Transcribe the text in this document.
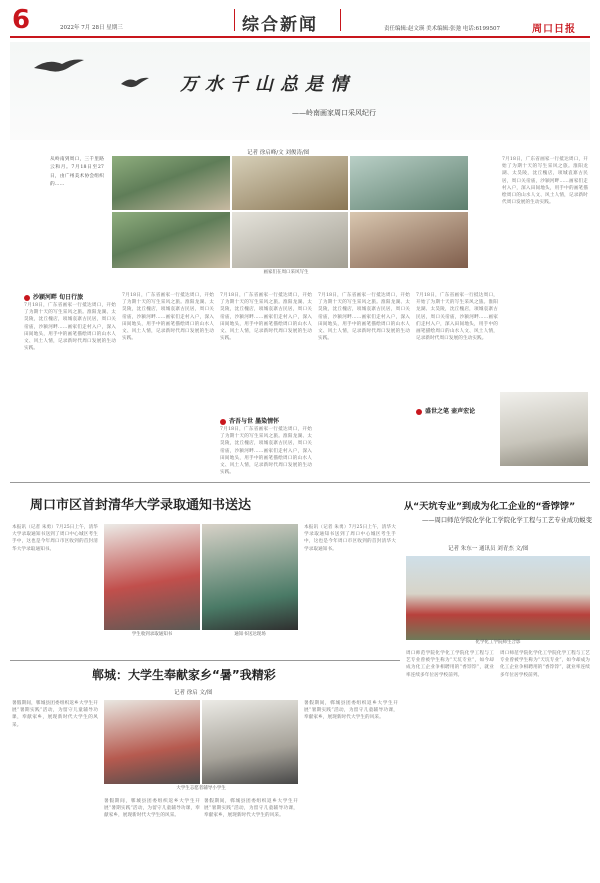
6	2022年 7月 28日 星期三	综合新闻	责任编辑:赵文瑛 美术编辑:张弛 电话:6199507	周口日报
万水千山总是情
——岭南画家周口采风纪行
记者 徐启峰/文 刘俊涛/图
从岭南到周口，三千里路云和月。7月18日至27日，由广州美术协会组织的……
画家们在周口采风写生
沙颍河畔 旬日行旅
7月18日，广东省画家一行抵达周口，开始了为期十天的写生采风之旅。淮阳龙湖、太昊陵，沈丘槐店，项城袁寨古民居，周口关帝庙，沙颍河畔……画家们走村入户，深入田间地头，用手中的画笔描绘周口的山水人文、风土人情，记录新时代周口发展的生动实践。
7月18日，广东省画家一行抵达周口，开始了为期十天的写生采风之旅。淮阳龙湖、太昊陵，沈丘槐店，项城袁寨古民居，周口关帝庙，沙颍河畔……画家们走村入户，深入田间地头，用手中的画笔描绘周口的山水人文、风土人情，记录新时代周口发展的生动实践。
7月18日，广东省画家一行抵达周口，开始了为期十天的写生采风之旅。淮阳龙湖、太昊陵，沈丘槐店，项城袁寨古民居，周口关帝庙，沙颍河畔……画家们走村入户，深入田间地头，用手中的画笔描绘周口的山水人文、风土人情，记录新时代周口发展的生动实践。
杏吾与世 墨染情怀
7月18日，广东省画家一行抵达周口，开始了为期十天的写生采风之旅。淮阳龙湖、太昊陵，沈丘槐店，项城袁寨古民居，周口关帝庙，沙颍河畔……画家们走村入户，深入田间地头，用手中的画笔描绘周口的山水人文、风土人情，记录新时代周口发展的生动实践。
7月18日，广东省画家一行抵达周口，开始了为期十天的写生采风之旅。淮阳龙湖、太昊陵，沈丘槐店，项城袁寨古民居，周口关帝庙，沙颍河畔……画家们走村入户，深入田间地头，用手中的画笔描绘周口的山水人文、风土人情，记录新时代周口发展的生动实践。
7月18日，广东省画家一行抵达周口，开始了为期十天的写生采风之旅。淮阳龙湖、太昊陵，沈丘槐店，项城袁寨古民居，周口关帝庙，沙颍河畔……画家们走村入户，深入田间地头，用手中的画笔描绘周口的山水人文、风土人情，记录新时代周口发展的生动实践。
7月18日，广东省画家一行抵达周口，开始了为期十天的写生采风之旅。淮阳龙湖、太昊陵，沈丘槐店，项城袁寨古民居，周口关帝庙，沙颍河畔……画家们走村入户，深入田间地头，用手中的画笔描绘周口的山水人文、风土人情，记录新时代周口发展的生动实践。
盛世之笔 壶声宏论
周口市区首封清华大学录取通知书送达
本报讯（记者 朱勇）7月25日上午，清华大学录取通知书送到了周口中心城区考生手中，这也是今年周口市区收到的首封清华大学录取通知书。
学生收到录取通知书	通知书送达现场
本报讯（记者 朱勇）7月25日上午，清华大学录取通知书送到了周口中心城区考生手中，这也是今年周口市区收到的首封清华大学录取通知书。
从“天坑专业”到成为化工企业的“香饽饽”
——周口师范学院化学化工学院化学工程与工艺专业成功蜕变
记者 朱东一 通讯员 刘青杰 文/图
化学化工学院师生合影
周口师范学院化学化工学院化学工程与工艺专业曾被学生称为“天坑专业”，如今却成为化工企业争相聘用的“香饽饽”，就业率连续多年位居学校前列。
周口师范学院化学化工学院化学工程与工艺专业曾被学生称为“天坑专业”，如今却成为化工企业争相聘用的“香饽饽”，就业率连续多年位居学校前列。
郸城：大学生奉献家乡“暑”我精彩
记者 徐启 文/图
暑假期间，郸城县团委组织返乡大学生开展“暑期实践”活动，为留守儿童辅导功课，奉献家乡，展现新时代大学生的风采。
大学生志愿者辅导小学生
暑假期间，郸城县团委组织返乡大学生开展“暑期实践”活动，为留守儿童辅导功课，奉献家乡，展现新时代大学生的风采。
暑假期间，郸城县团委组织返乡大学生开展“暑期实践”活动，为留守儿童辅导功课，奉献家乡，展现新时代大学生的风采。
暑假期间，郸城县团委组织返乡大学生开展“暑期实践”活动，为留守儿童辅导功课，奉献家乡，展现新时代大学生的风采。
